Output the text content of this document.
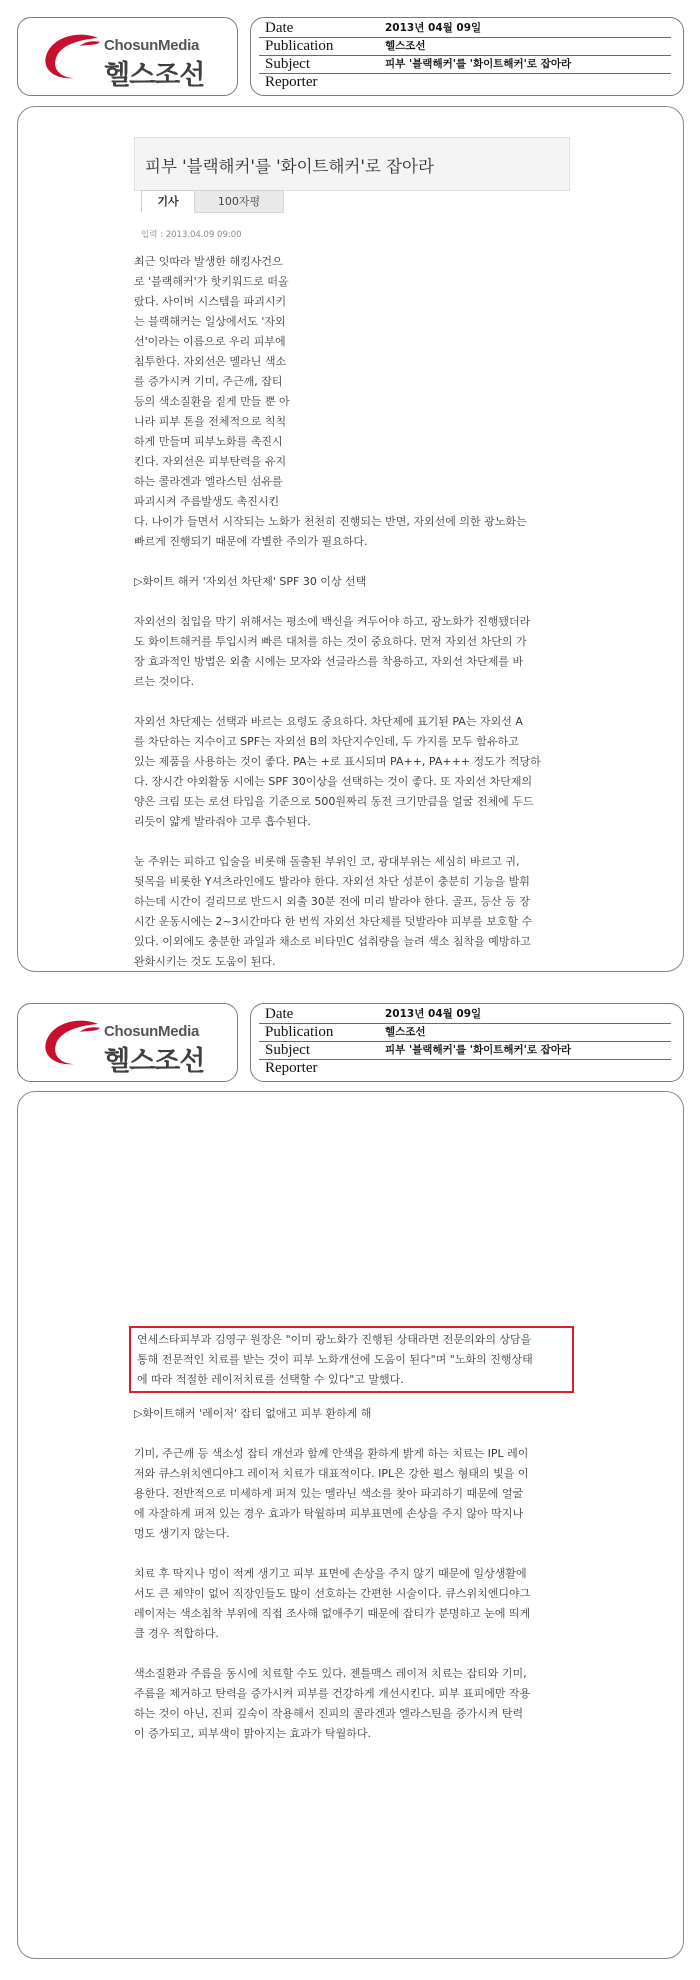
ChosunMedia
헬스조선
Date	2013년 04월 09일
Publication	헬스조선
Subject	피부 '블랙해커'를 '화이트해커'로 잡아라
Reporter
피부 '블랙해커'를 '화이트해커'로 잡아라
기사	100자평
입력 : 2013.04.09 09:00
최근 잇따라 발생한 해킹사건으
로 '블랙해커'가 핫키워드로 떠올
랐다. 사이버 시스템을 파괴시키
는 블랙해커는 일상에서도 '자외
선'이라는 이름으로 우리 피부에
침투한다. 자외선은 멜라닌 색소
를 증가시켜 기미, 주근깨, 잡티
등의 색소질환을 짙게 만들 뿐 아
니라 피부 톤을 전체적으로 칙칙
하게 만들며 피부노화를 촉진시
킨다. 자외선은 피부탄력을 유지
하는 콜라겐과 엘라스틴 섬유를
파괴시켜 주름발생도 촉진시킨

다. 나이가 들면서 시작되는 노화가 천천히 진행되는 반면, 자외선에 의한 광노화는
빠르게 진행되기 때문에 각별한 주의가 필요하다.

▷화이트 해커 '자외선 차단제' SPF 30 이상 선택

자외선의 침입을 막기 위해서는 평소에 백신을 켜두어야 하고, 광노화가 진행됐더라
도 화이트해커를 투입시켜 빠른 대처를 하는 것이 중요하다. 먼저 자외선 차단의 가
장 효과적인 방법은 외출 시에는 모자와 선글라스를 착용하고, 자외선 차단제를 바
르는 것이다.

자외선 차단제는 선택과 바르는 요령도 중요하다. 차단제에 표기된 PA는 자외선 A
를 차단하는 지수이고 SPF는 자외선 B의 차단지수인데, 두 가지를 모두 함유하고
있는 제품을 사용하는 것이 좋다. PA는 +로 표시되며 PA++, PA+++ 정도가 적당하
다. 장시간 야외활동 시에는 SPF 30이상을 선택하는 것이 좋다. 또 자외선 차단제의
양은 크림 또는 로션 타입을 기준으로 500원짜리 동전 크기만큼을 얼굴 전체에 두드
리듯이 얇게 발라줘야 고루 흡수된다.

눈 주위는 피하고 입술을 비롯해 돌출된 부위인 코, 광대부위는 세심히 바르고 귀,
뒷목을 비롯한 Y셔츠라인에도 발라야 한다. 자외선 차단 성분이 충분히 기능을 발휘
하는데 시간이 걸리므로 반드시 외출 30분 전에 미리 발라야 한다. 골프, 등산 등 장
시간 운동시에는 2~3시간마다 한 번씩 자외선 차단제를 덧발라야 피부를 보호할 수
있다. 이외에도 충분한 과일과 채소로 비타민C 섭취량을 늘려 색소 침착을 예방하고
완화시키는 것도 도움이 된다.

ChosunMedia
헬스조선
Date	2013년 04월 09일
Publication	헬스조선
Subject	피부 '블랙해커'를 '화이트해커'로 잡아라
Reporter
연세스타피부과 김영구 원장은 "이미 광노화가 진행된 상태라면 전문의와의 상담을
통해 전문적인 치료를 받는 것이 피부 노화개선에 도움이 된다"며 "노화의 진행상태
에 따라 적절한 레이저치료를 선택할 수 있다"고 말했다.

▷화이트해커 '레이저' 잡티 없애고 피부 환하게 해

기미, 주근깨 등 색소성 잡티 개선과 함께 안색을 환하게 밝게 하는 치료는 IPL 레이
저와 큐스위치엔디야그 레이저 치료가 대표적이다. IPL은 강한 펄스 형태의 빛을 이
용한다. 전반적으로 미세하게 퍼져 있는 멜라닌 색소를 찾아 파괴하기 때문에 얼굴
에 자잘하게 퍼져 있는 경우 효과가 탁월하며 피부표면에 손상을 주지 않아 딱지나
멍도 생기지 않는다.

치료 후 딱지나 멍이 적게 생기고 피부 표면에 손상을 주지 않기 때문에 일상생활에
서도 큰 제약이 없어 직장인들도 많이 선호하는 간편한 시술이다. 큐스위치엔디야그
레이저는 색소침착 부위에 직접 조사해 없애주기 때문에 잡티가 분명하고 눈에 띄게
클 경우 적합하다.

색소질환과 주름을 동시에 치료할 수도 있다. 젠틀맥스 레이저 치료는 잡티와 기미,
주름을 제거하고 탄력을 증가시켜 피부를 건강하게 개선시킨다. 피부 표피에만 작용
하는 것이 아닌, 진피 깊숙이 작용해서 진피의 콜라겐과 엘라스틴을 증가시켜 탄력
이 증가되고, 피부색이 맑아지는 효과가 탁월하다.
